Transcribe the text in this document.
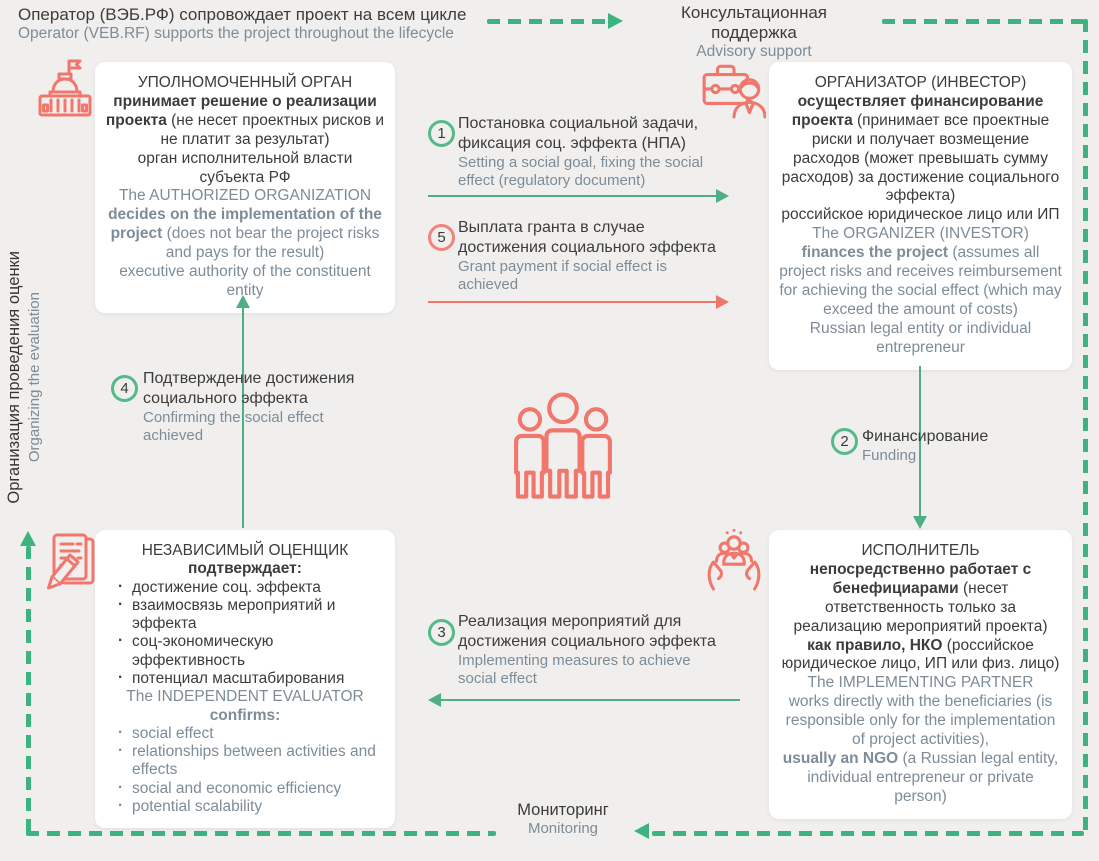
Оператор (ВЭБ.РФ) сопровождает проект на всем цикле
Operator (VEB.RF) supports the project throughout the lifecycle
Консультационная поддержка
Advisory support
Мониторинг
Monitoring
Организация проведения оценки Organizing the evaluation
УПОЛНОМОЧЕННЫЙ ОРГАН
принимает решение о реализации проекта (не несет проектных рисков и не платит за результат)
орган исполнительной власти субъекта РФ
The AUTHORIZED ORGANIZATION
decides on the implementation of the project (does not bear the project risks and pays for the result)
executive authority of the constituent entity
ОРГАНИЗАТОР (ИНВЕСТОР)
осуществляет финансирование проекта (принимает все проектные риски и получает возмещение расходов (может превышать сумму расходов) за достижение социального эффекта)
российское юридическое лицо или ИП
The ORGANIZER (INVESTOR)
finances the project (assumes all project risks and receives reimbursement for achieving the social effect (which may exceed the amount of costs)
Russian legal entity or individual entrepreneur
НЕЗАВИСИМЫЙ ОЦЕНЩИК
подтверждает:
· достижение соц. эффекта
· взаимосвязь мероприятий и эффекта
· соц-экономическую эффективность
· потенциал масштабирования
The INDEPENDENT EVALUATOR
confirms:
· social effect
· relationships between activities and effects
· social and economic efficiency
· potential scalability
ИСПОЛНИТЕЛЬ
непосредственно работает с бенефициарами (несет ответственность только за реализацию мероприятий проекта)
как правило, НКО (российское юридическое лицо, ИП или физ. лицо)
The IMPLEMENTING PARTNER
works directly with the beneficiaries (is responsible only for the implementation of project activities),
usually an NGO (a Russian legal entity, individual entrepreneur or private person)
1
Постановка социальной задачи, фиксация соц. эффекта (НПА)
Setting a social goal, fixing the social effect (regulatory document)
5
Выплата гранта в случае достижения социального эффекта
Grant payment if social effect is achieved
2 Финансирование
Funding
3
Реализация мероприятий для достижения социального эффекта
Implementing measures to achieve social effect
4
Подтверждение достижения социального эффекта
Confirming the social effect achieved
